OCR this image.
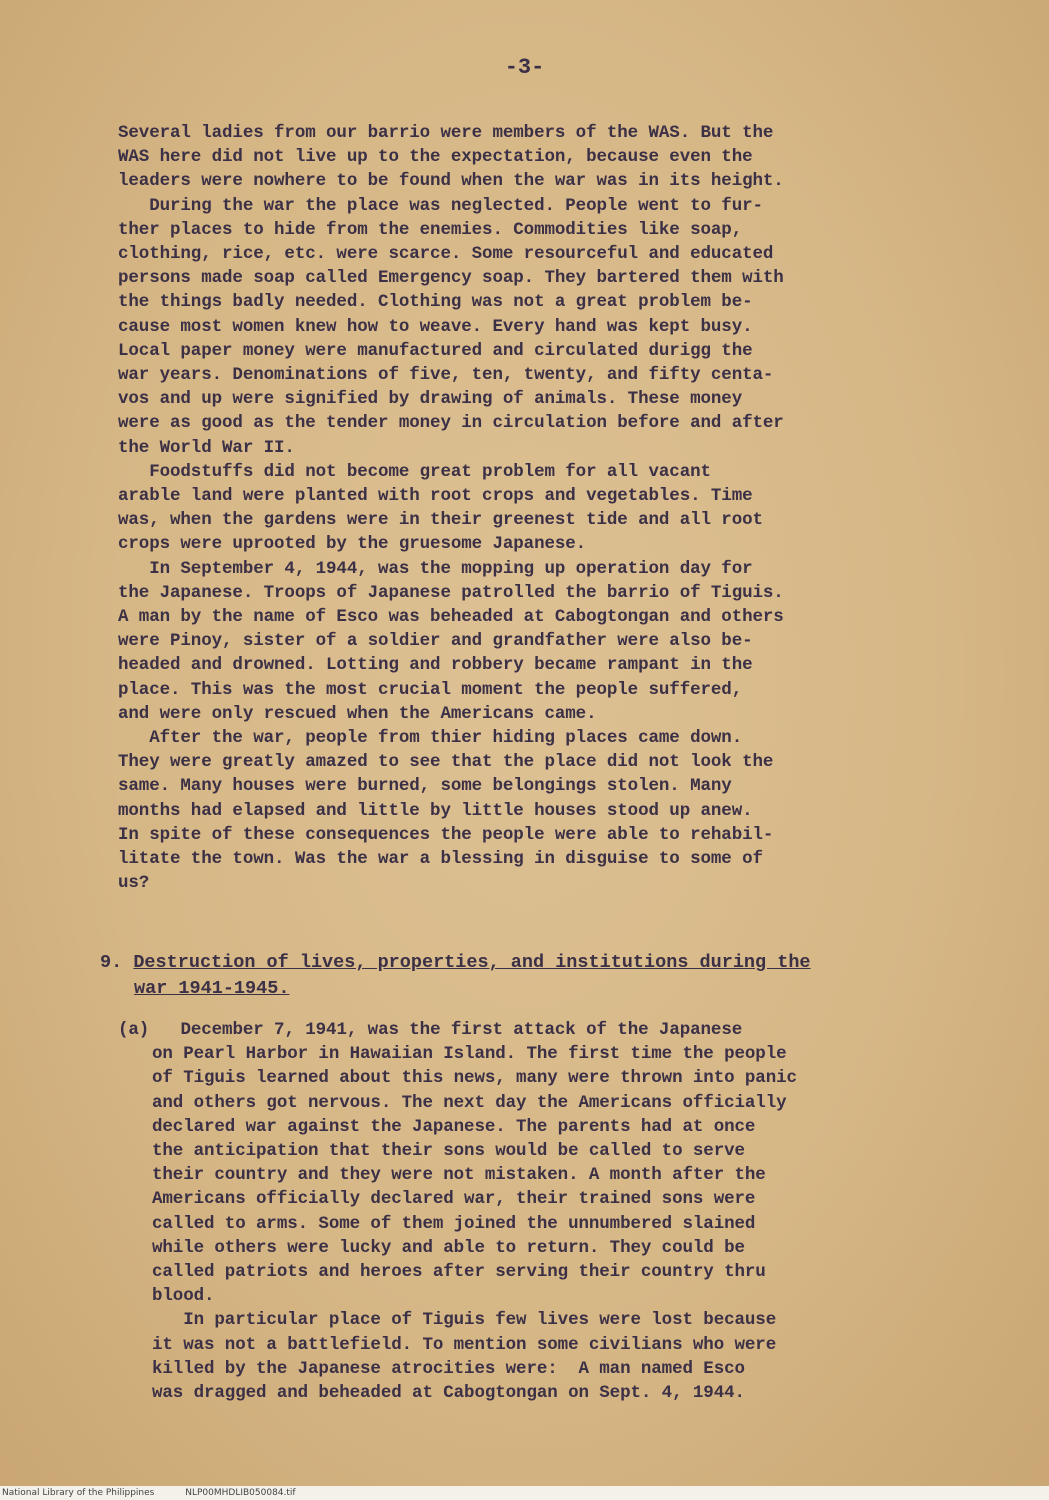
-3-
Several ladies from our barrio were members of the WAS. But the
WAS here did not live up to the expectation, because even the
leaders were nowhere to be found when the war was in its height.
During the war the place was neglected. People went to fur-
ther places to hide from the enemies. Commodities like soap,
clothing, rice, etc. were scarce. Some resourceful and educated
persons made soap called Emergency soap. They bartered them with
the things badly needed. Clothing was not a great problem be-
cause most women knew how to weave. Every hand was kept busy.
Local paper money were manufactured and circulated durigg the
war years. Denominations of five, ten, twenty, and fifty centa-
vos and up were signified by drawing of animals. These money
were as good as the tender money in circulation before and after
the World War II.
Foodstuffs did not become great problem for all vacant
arable land were planted with root crops and vegetables. Time
was, when the gardens were in their greenest tide and all root
crops were uprooted by the gruesome Japanese.
In September 4, 1944, was the mopping up operation day for
the Japanese. Troops of Japanese patrolled the barrio of Tiguis.
A man by the name of Esco was beheaded at Cabogtongan and others
were Pinoy, sister of a soldier and grandfather were also be-
headed and drowned. Lotting and robbery became rampant in the
place. This was the most crucial moment the people suffered,
and were only rescued when the Americans came.
After the war, people from thier hiding places came down.
They were greatly amazed to see that the place did not look the
same. Many houses were burned, some belongings stolen. Many
months had elapsed and little by little houses stood up anew.
In spite of these consequences the people were able to rehabil-
litate the town. Was the war a blessing in disguise to some of
us?
9. Destruction of lives, properties, and institutions during the
war 1941-1945.
(a) December 7, 1941, was the first attack of the Japanese
on Pearl Harbor in Hawaiian Island. The first time the people
of Tiguis learned about this news, many were thrown into panic
and others got nervous. The next day the Americans officially
declared war against the Japanese. The parents had at once
the anticipation that their sons would be called to serve
their country and they were not mistaken. A month after the
Americans officially declared war, their trained sons were
called to arms. Some of them joined the unnumbered slained
while others were lucky and able to return. They could be
called patriots and heroes after serving their country thru
blood.
In particular place of Tiguis few lives were lost because
it was not a battlefield. To mention some civilians who were
killed by the Japanese atrocities were:  A man named Esco
was dragged and beheaded at Cabogtongan on Sept. 4, 1944.
National Library of the Philippines	NLP00MHDLIB050084.tif
